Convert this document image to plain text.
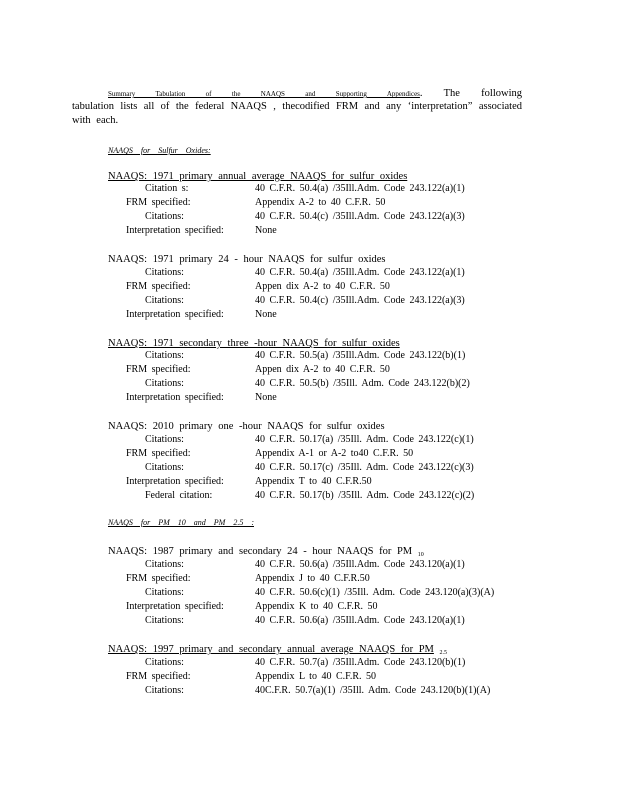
Summary Tabulation of the NAAQS and Supporting Appendices. The following
tabulation lists all of the federal NAAQS , thecodified FRM and any ‘interpretation” associated
with each.
NAAQS for Sulfur Oxides:
NAAQS: 1971 primary annual average NAAQS for sulfur oxides
Citation s:	40 C.F.R. 50.4(a) /35Ill.Adm. Code 243.122(a)(1)
FRM specified:	Appendix A-2 to 40 C.F.R. 50
Citations:	40 C.F.R. 50.4(c) /35Ill.Adm. Code 243.122(a)(3)
Interpretation specified:	None
NAAQS: 1971 primary 24 - hour NAAQS for sulfur oxides
Citations:	40 C.F.R. 50.4(a) /35Ill.Adm. Code 243.122(a)(1)
FRM specified:	Appen dix A-2 to 40 C.F.R. 50
Citations:	40 C.F.R. 50.4(c) /35Ill.Adm. Code 243.122(a)(3)
Interpretation specified:	None
NAAQS: 1971 secondary three -hour NAAQS for sulfur oxides
Citations:	40 C.F.R. 50.5(a) /35Ill.Adm. Code 243.122(b)(1)
FRM specified:	Appen dix A-2 to 40 C.F.R. 50
Citations:	40 C.F.R. 50.5(b) /35Ill. Adm. Code 243.122(b)(2)
Interpretation specified:	None
NAAQS: 2010 primary one -hour NAAQS for sulfur oxides
Citations:	40 C.F.R. 50.17(a) /35Ill. Adm. Code 243.122(c)(1)
FRM specified:	Appendix A-1 or A-2 to40 C.F.R. 50
Citations:	40 C.F.R. 50.17(c) /35Ill. Adm. Code 243.122(c)(3)
Interpretation specified:	Appendix T to 40 C.F.R.50
Federal citation:	40 C.F.R. 50.17(b) /35Ill. Adm. Code 243.122(c)(2)
NAAQS for PM 10 and PM 2.5 :
NAAQS: 1987 primary and secondary 24 - hour NAAQS for PM $_{10}$
Citations:	40 C.F.R. 50.6(a) /35Ill.Adm. Code 243.120(a)(1)
FRM specified:	Appendix J to 40 C.F.R.50
Citations:	40 C.F.R. 50.6(c)(1) /35Ill. Adm. Code 243.120(a)(3)(A)
Interpretation specified:	Appendix K to 40 C.F.R. 50
Citations:	40 C.F.R. 50.6(a) /35Ill.Adm. Code 243.120(a)(1)
NAAQS: 1997 primary and secondary annual average NAAQS for PM $_{2.5}$
Citations:	40 C.F.R. 50.7(a) /35Ill.Adm. Code 243.120(b)(1)
FRM specified:	Appendix L to 40 C.F.R. 50
Citations:	40C.F.R. 50.7(a)(1) /35Ill. Adm. Code 243.120(b)(1)(A)
